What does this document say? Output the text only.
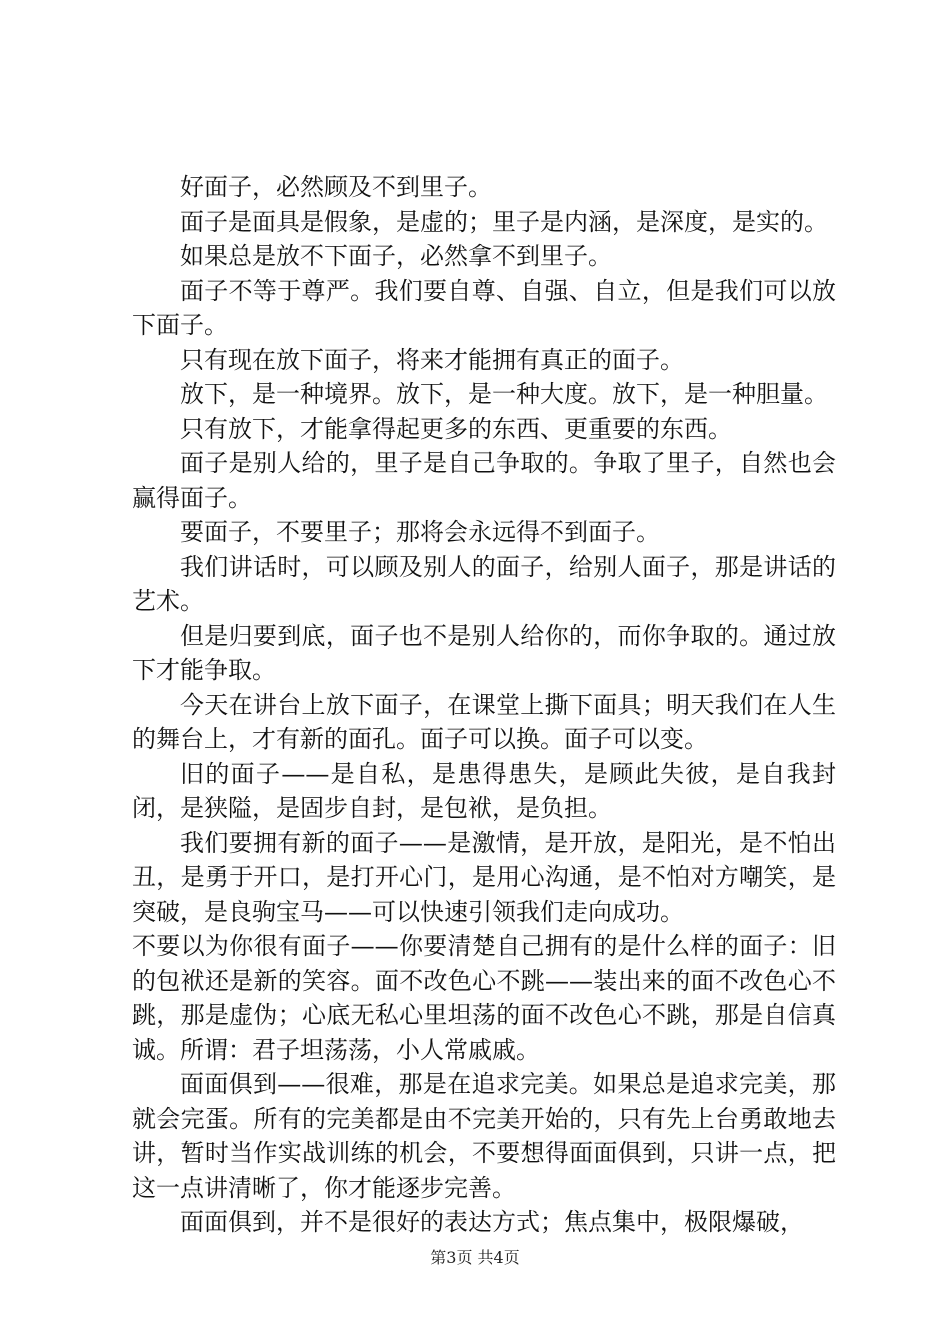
好面子，必然顾及不到里子。

面子是面具是假象，是虚的；里子是内涵，是深度，是实的。

如果总是放不下面子，必然拿不到里子。

面子不等于尊严。我们要自尊、自强、自立，但是我们可以放下面子。

只有现在放下面子，将来才能拥有真正的面子。

放下，是一种境界。放下，是一种大度。放下，是一种胆量。

只有放下，才能拿得起更多的东西、更重要的东西。

面子是别人给的，里子是自己争取的。争取了里子，自然也会赢得面子。

要面子，不要里子；那将会永远得不到面子。

我们讲话时，可以顾及别人的面子，给别人面子，那是讲话的艺术。

但是归要到底，面子也不是别人给你的，而你争取的。通过放下才能争取。

今天在讲台上放下面子，在课堂上撕下面具；明天我们在人生的舞台上，才有新的面孔。面子可以换。面子可以变。

旧的面子——是自私，是患得患失，是顾此失彼，是自我封闭，是狭隘，是固步自封，是包袱，是负担。

我们要拥有新的面子——是激情，是开放，是阳光，是不怕出丑，是勇于开口，是打开心门，是用心沟通，是不怕对方嘲笑，是突破，是良驹宝马——可以快速引领我们走向成功。

不要以为你很有面子——你要清楚自己拥有的是什么样的面子：旧的包袱还是新的笑容。面不改色心不跳——装出来的面不改色心不跳，那是虚伪；心底无私心里坦荡的面不改色心不跳，那是自信真诚。所谓：君子坦荡荡，小人常戚戚。

面面俱到——很难，那是在追求完美。如果总是追求完美，那就会完蛋。所有的完美都是由不完美开始的，只有先上台勇敢地去讲，暂时当作实战训练的机会，不要想得面面俱到，只讲一点，把这一点讲清晰了，你才能逐步完善。

面面俱到，并不是很好的表达方式；焦点集中，极限爆破，

第3页 共4页
